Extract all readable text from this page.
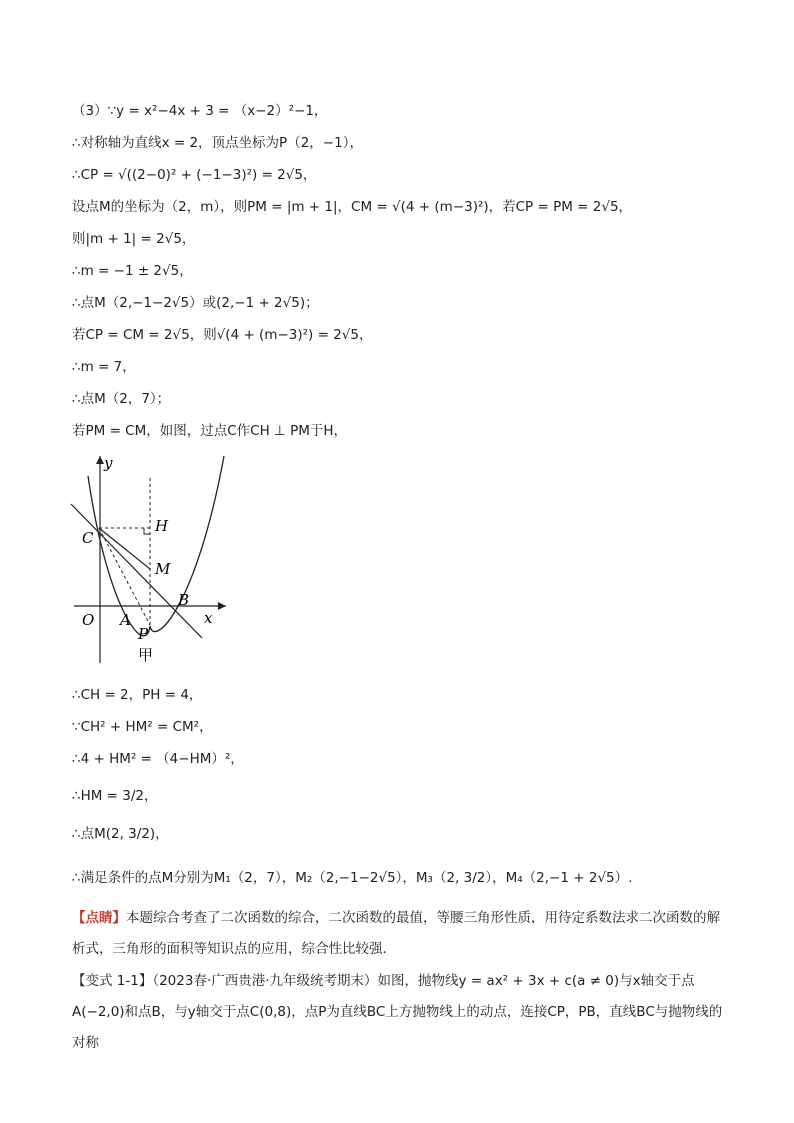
（3）∵y = x²−4x + 3 = （x−2）²−1，
∴对称轴为直线x = 2，顶点坐标为P（2，−1），
∴CP = √((2−0)² + (−1−3)²) = 2√5，
设点M的坐标为（2，m），则PM = |m + 1|，CM = √(4 + (m−3)²)，若CP = PM = 2√5，
则|m + 1| = 2√5，
∴m = −1 ± 2√5，
∴点M（2,−1−2√5）或(2,−1 + 2√5)；
若CP = CM = 2√5，则√(4 + (m−3)²) = 2√5，
∴m = 7，
∴点M（2，7）；
若PM = CM，如图，过点C作CH ⊥ PM于H，
y
x
O A
B
C
H
M
P
甲
∴CH = 2，PH = 4，
∵CH² + HM² = CM²，
∴4 + HM² = （4−HM）²，
∴HM = 3/2，
∴点M(2, 3/2)，
∴满足条件的点M分别为M₁（2，7），M₂（2,−1−2√5），M₃（2, 3/2），M₄（2,−1 + 2√5）.
【点睛】本题综合考查了二次函数的综合，二次函数的最值，等腰三角形性质，用待定系数法求二次函数的解析式，三角形的面积等知识点的应用，综合性比较强．
【变式 1-1】（2023春·广西贵港·九年级统考期末）如图，抛物线y = ax² + 3x + c(a ≠ 0)与x轴交于点A(−2,0)和点B，与y轴交于点C(0,8)，点P为直线BC上方抛物线上的动点，连接CP，PB，直线BC与抛物线的对称
